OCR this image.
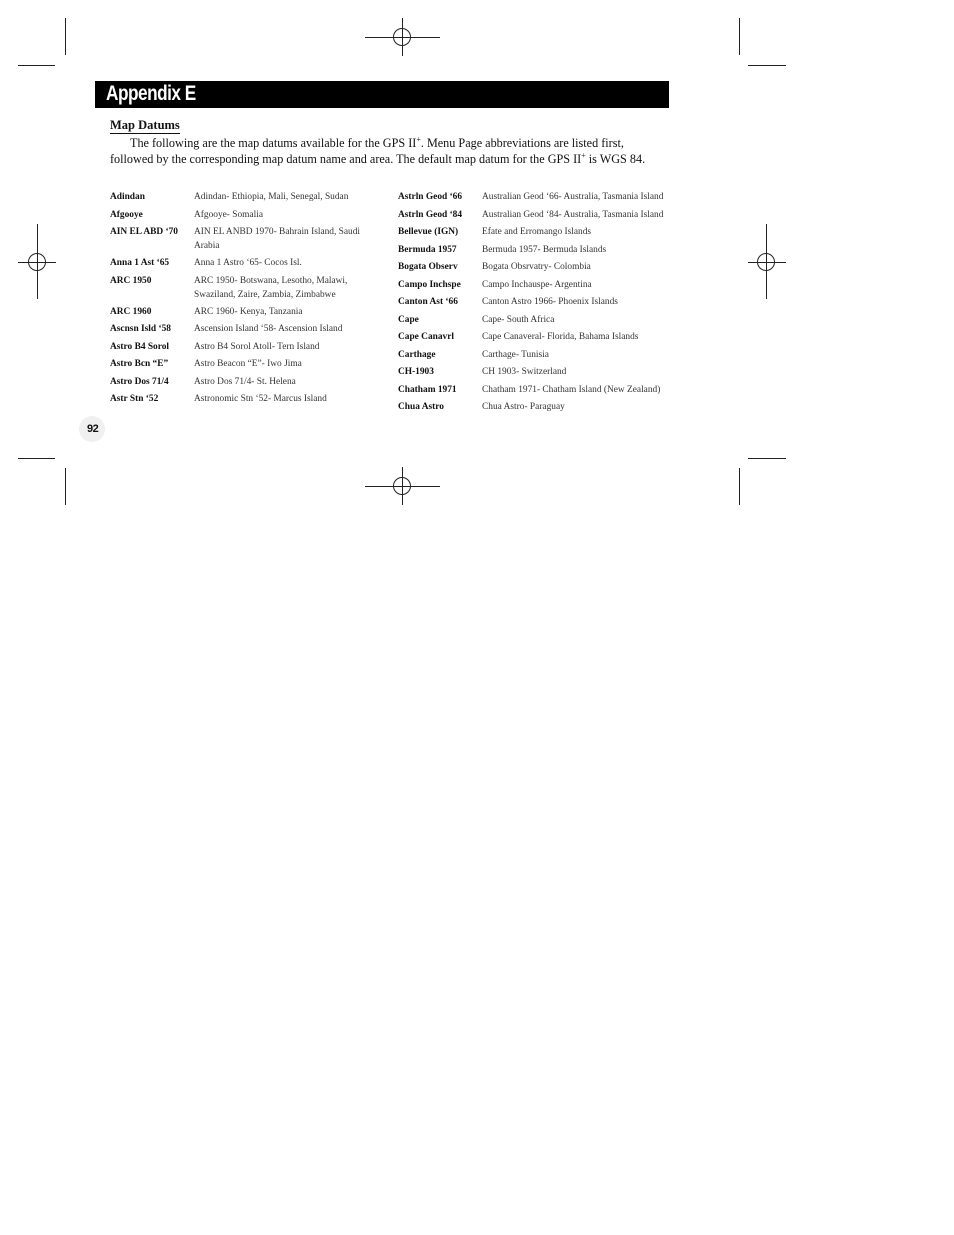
Appendix E
Map Datums
The following are the map datums available for the GPS II+. Menu Page abbreviations are listed first, followed by the corresponding map datum name and area. The default map datum for the GPS II+ is WGS 84.
Adindan	Adindan- Ethiopia, Mali, Senegal, Sudan
Afgooye	Afgooye- Somalia
AIN EL ABD ‘70	AIN EL ANBD 1970- Bahrain Island, Saudi Arabia
Anna 1 Ast ‘65	Anna 1 Astro ‘65- Cocos Isl.
ARC 1950	ARC 1950- Botswana, Lesotho, Malawi, Swaziland, Zaire, Zambia, Zimbabwe
ARC 1960	ARC 1960- Kenya, Tanzania
Ascnsn Isld ‘58	Ascension Island ‘58- Ascension Island
Astro B4 Sorol	Astro B4 Sorol Atoll- Tern Island
Astro Bcn “E”	Astro Beacon “E”- Iwo Jima
Astro Dos 71/4	Astro Dos 71/4- St. Helena
Astr Stn ‘52	Astronomic Stn ‘52- Marcus Island
Astrln Geod ‘66	Australian Geod ‘66- Australia, Tasmania Island
Astrln Geod ‘84	Australian Geod ‘84- Australia, Tasmania Island
Bellevue (IGN)	Efate and Erromango Islands
Bermuda 1957	Bermuda 1957- Bermuda Islands
Bogata Observ	Bogata Obsrvatry- Colombia
Campo Inchspe	Campo Inchauspe- Argentina
Canton Ast ‘66	Canton Astro 1966- Phoenix Islands
Cape	Cape- South Africa
Cape Canavrl	Cape Canaveral- Florida, Bahama Islands
Carthage	Carthage- Tunisia
CH-1903	CH 1903- Switzerland
Chatham 1971	Chatham 1971- Chatham Island (New Zealand)
Chua Astro	Chua Astro- Paraguay
92
